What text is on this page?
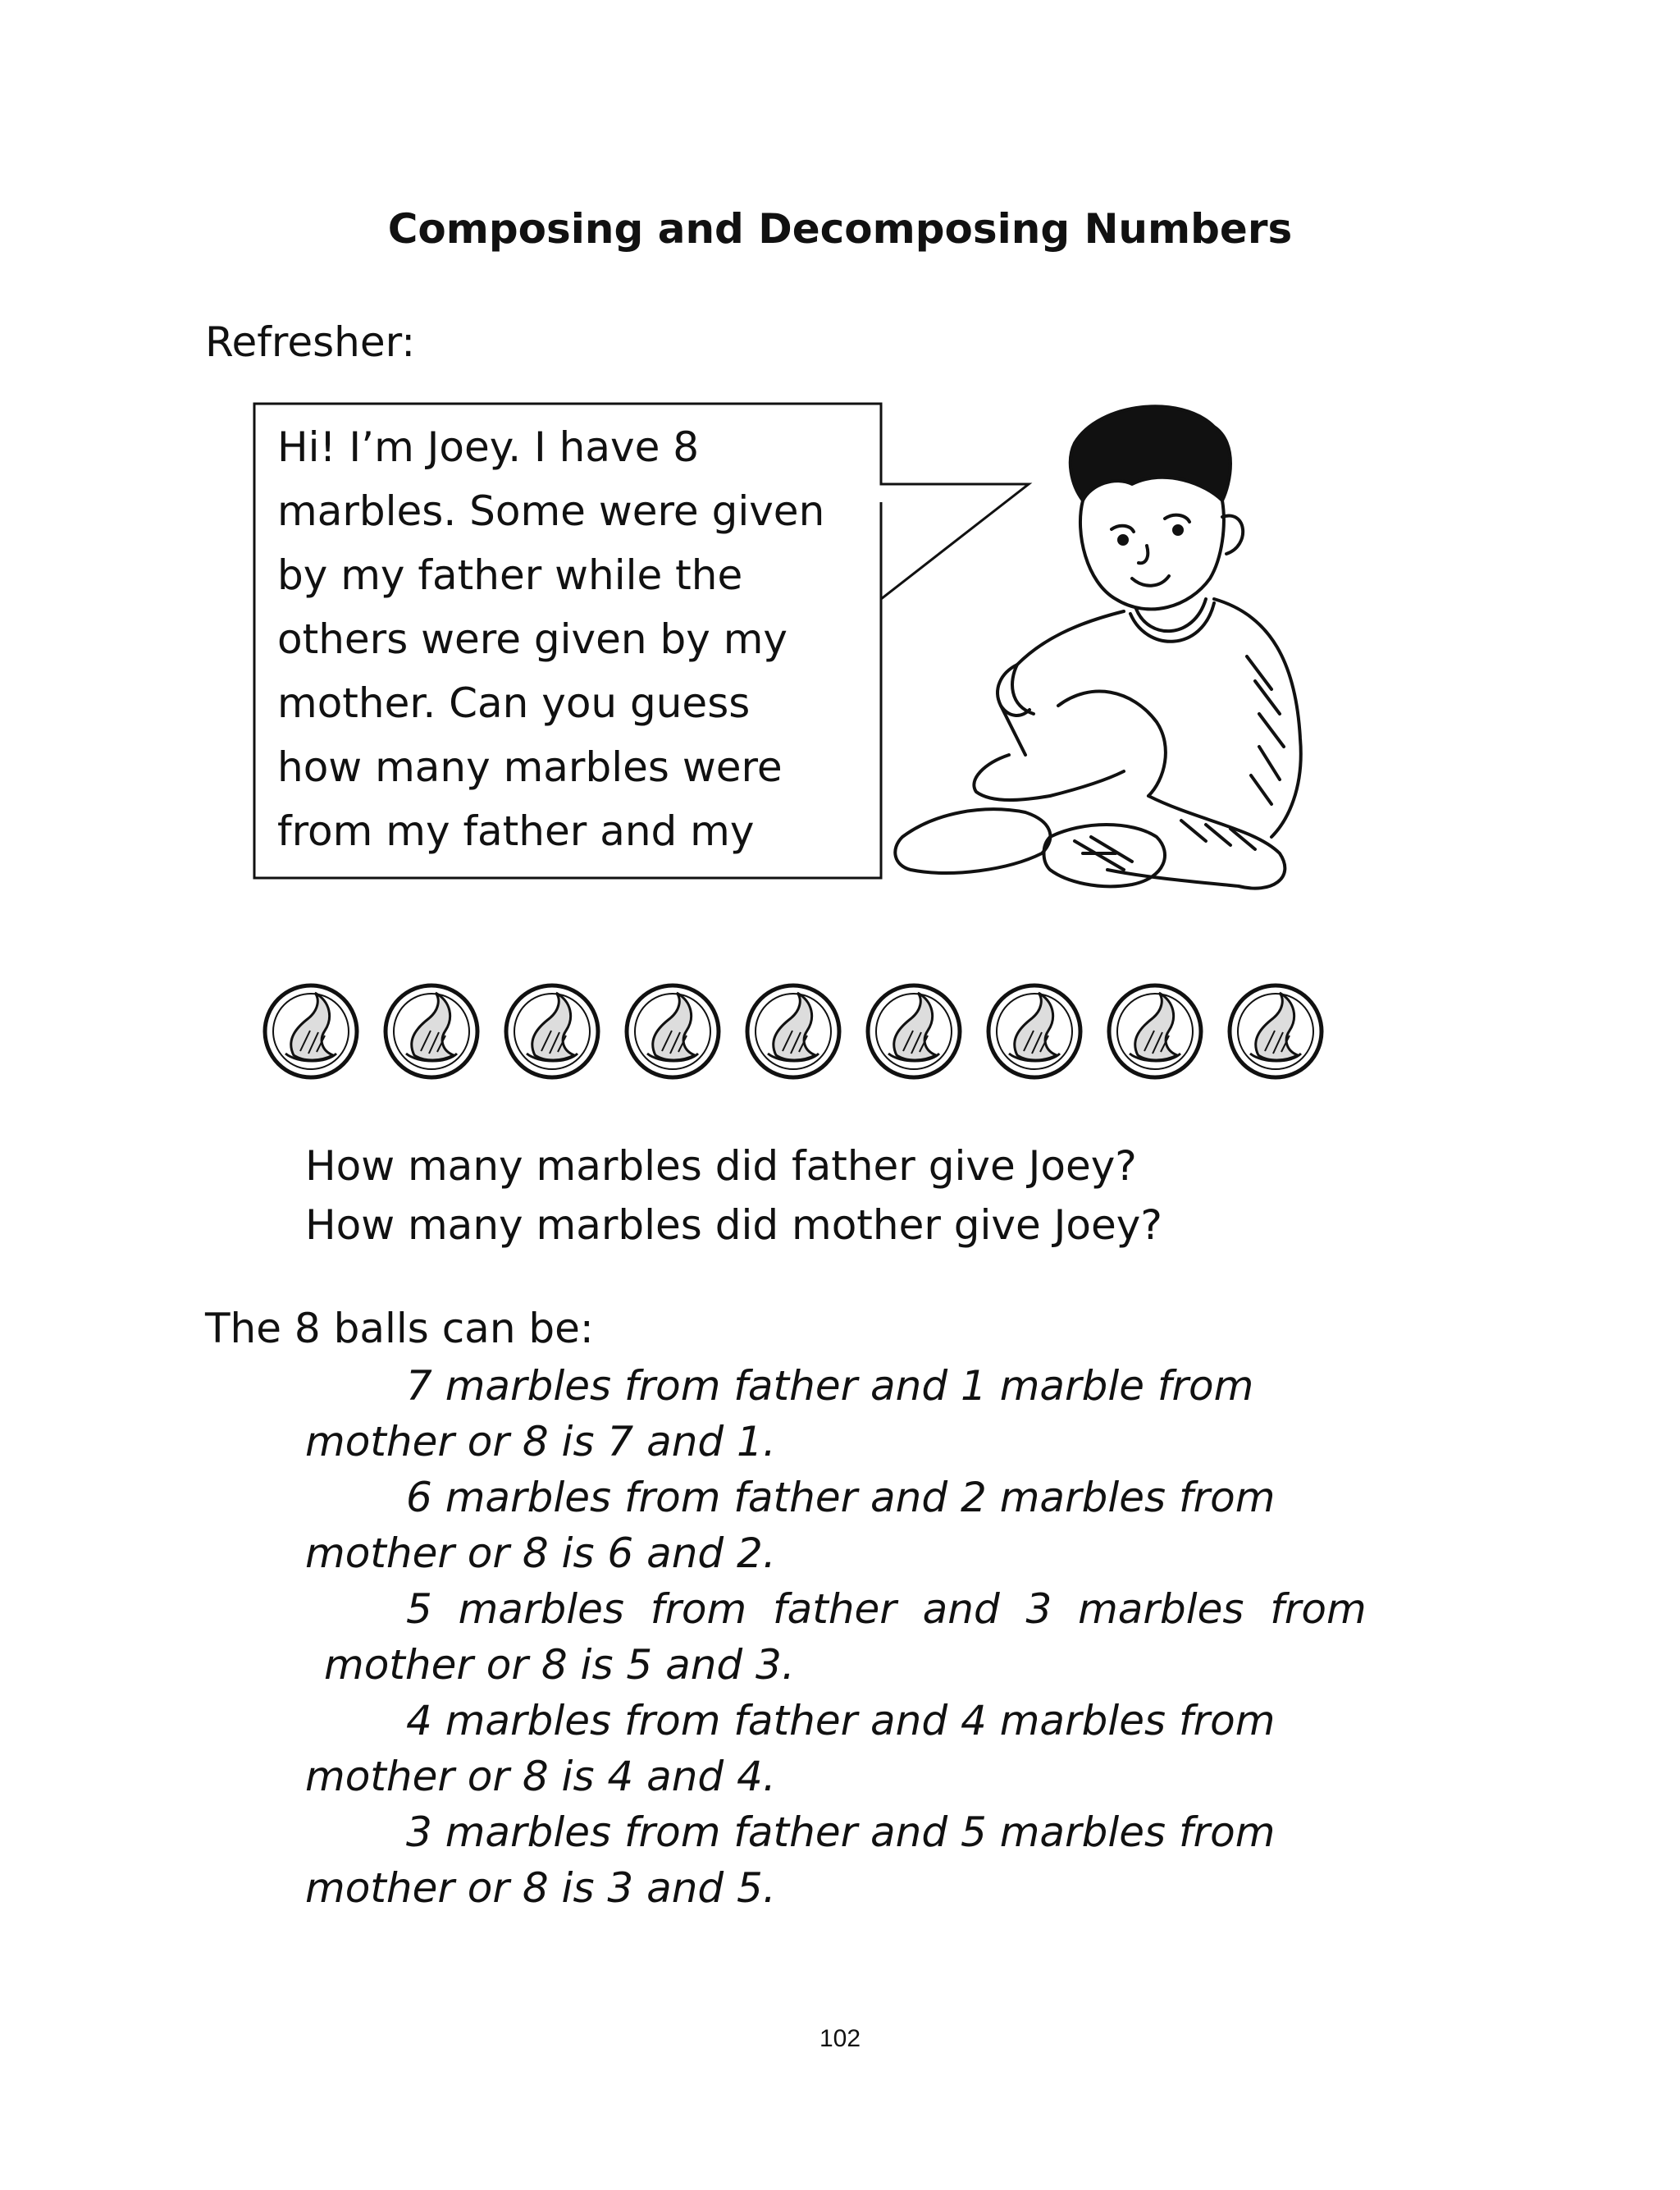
Composing and Decomposing Numbers
Refresher:
Hi! I’m Joey. I have 8
marbles. Some were given
by my father while the
others were given by my
mother. Can you guess
how many marbles were
from my father and my
How many marbles did father give Joey?
How many marbles did mother give Joey?
The 8 balls can be:
7 marbles from father and 1 marble from
mother or 8 is 7 and 1.
6 marbles from father and 2 marbles from
mother or 8 is 6 and 2.
5  marbles  from  father  and  3  marbles  from
mother or 8 is 5 and 3.
4 marbles from father and 4 marbles from
mother or 8 is 4 and 4.
3 marbles from father and 5 marbles from
mother or 8 is 3 and 5.
102
